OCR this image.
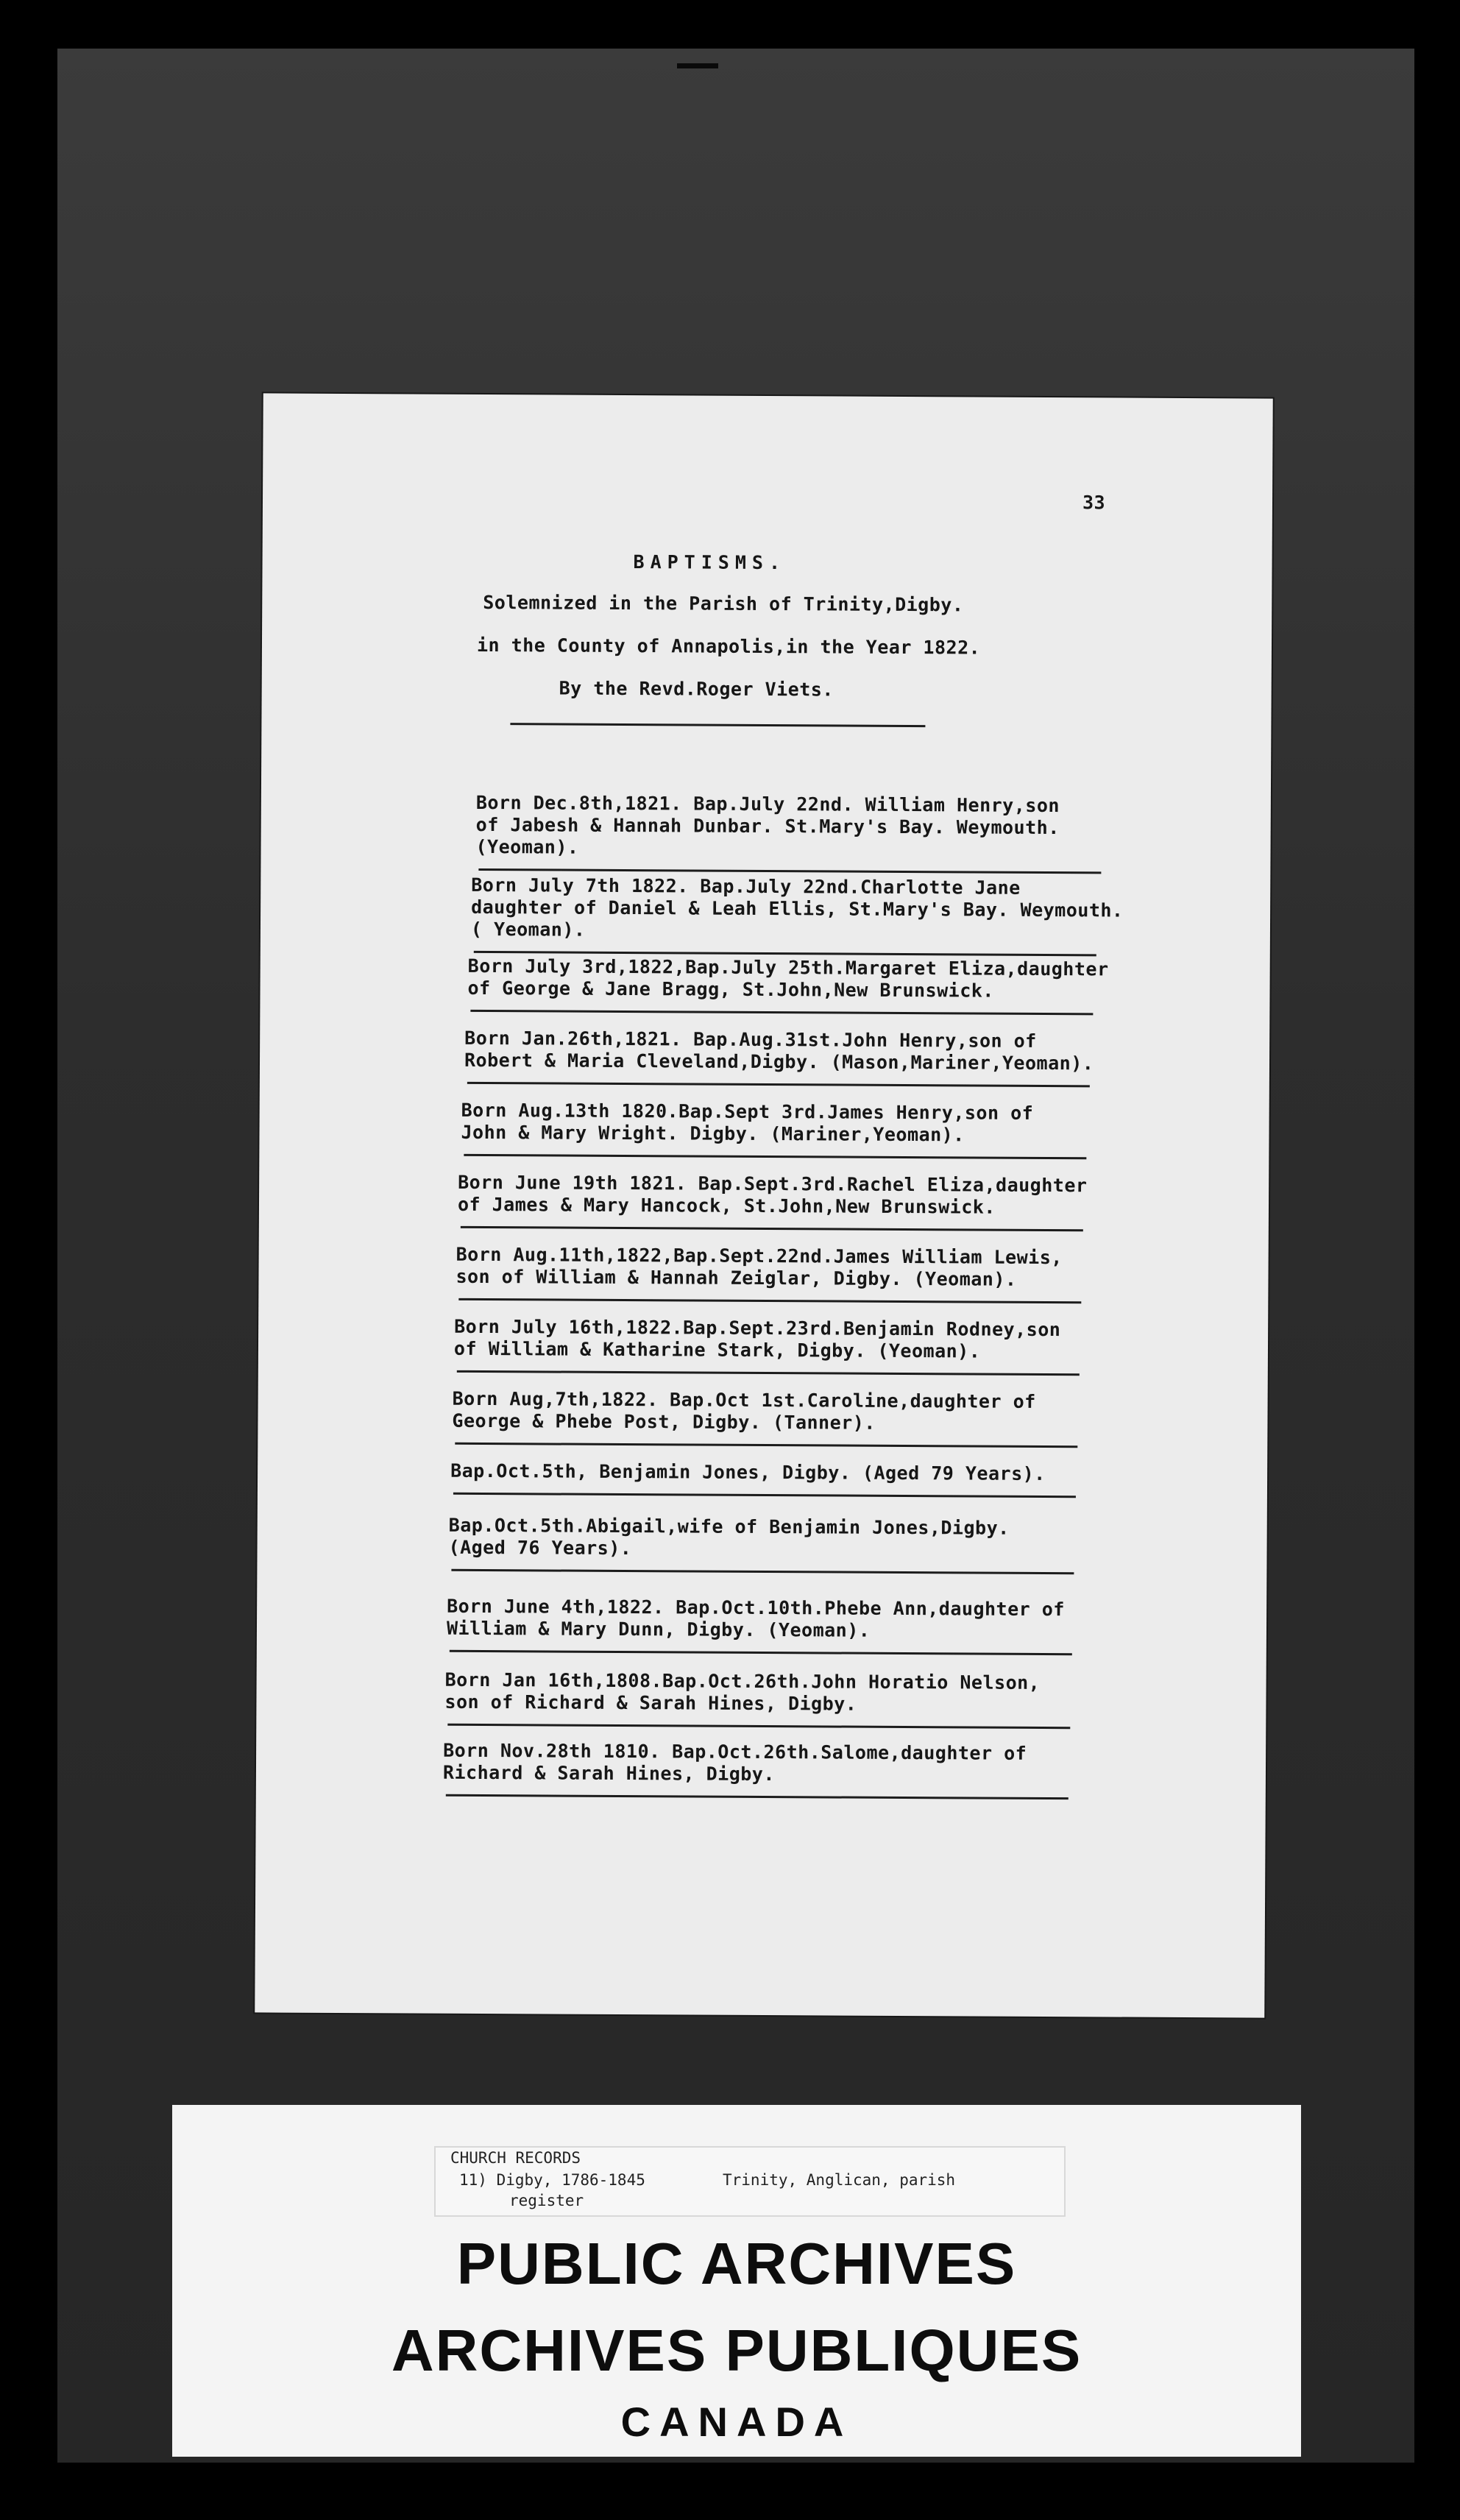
33
BAPTISMS.
Solemnized in the Parish of Trinity,Digby.
in the County of Annapolis,in the Year 1822.
By the Revd.Roger Viets.
Born Dec.8th,1821. Bap.July 22nd. William Henry,son
of Jabesh & Hannah Dunbar. St.Mary's Bay. Weymouth.
(Yeoman).
Born July 7th 1822. Bap.July 22nd.Charlotte Jane
daughter of Daniel & Leah Ellis, St.Mary's Bay. Weymouth.
( Yeoman).
Born July 3rd,1822,Bap.July 25th.Margaret Eliza,daughter
of George & Jane Bragg, St.John,New Brunswick.
Born Jan.26th,1821. Bap.Aug.31st.John Henry,son of
Robert & Maria Cleveland,Digby. (Mason,Mariner,Yeoman).
Born Aug.13th 1820.Bap.Sept 3rd.James Henry,son of
John & Mary Wright. Digby. (Mariner,Yeoman).
Born June 19th 1821. Bap.Sept.3rd.Rachel Eliza,daughter
of James & Mary Hancock, St.John,New Brunswick.
Born Aug.11th,1822,Bap.Sept.22nd.James William Lewis,
son of William & Hannah Zeiglar, Digby. (Yeoman).
Born July 16th,1822.Bap.Sept.23rd.Benjamin Rodney,son
of William & Katharine Stark, Digby. (Yeoman).
Born Aug,7th,1822. Bap.Oct 1st.Caroline,daughter of
George & Phebe Post, Digby. (Tanner).
Bap.Oct.5th, Benjamin Jones, Digby. (Aged 79 Years).
Bap.Oct.5th.Abigail,wife of Benjamin Jones,Digby.
(Aged 76 Years).
Born June 4th,1822. Bap.Oct.10th.Phebe Ann,daughter of
William & Mary Dunn, Digby. (Yeoman).
Born Jan 16th,1808.Bap.Oct.26th.John Horatio Nelson,
son of Richard & Sarah Hines, Digby.
Born Nov.28th 1810. Bap.Oct.26th.Salome,daughter of
Richard & Sarah Hines, Digby.
CHURCH RECORDS
11) Digby, 1786-1845	Trinity, Anglican, parish
register
PUBLIC ARCHIVES
ARCHIVES PUBLIQUES
CANADA
